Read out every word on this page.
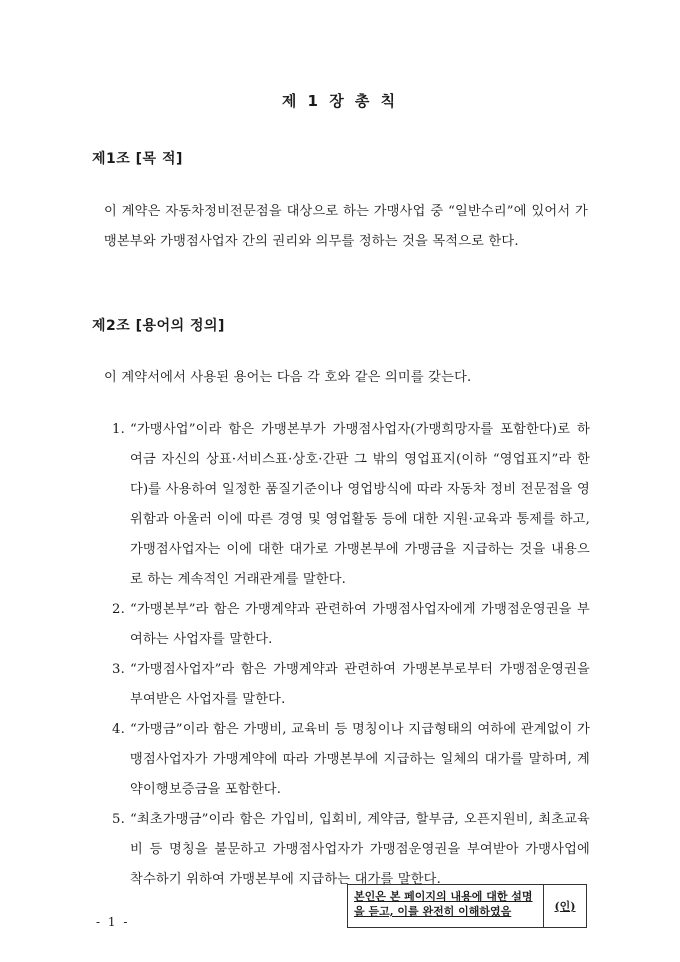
제 1 장 총 칙
제1조 [목 적]
이 계약은 자동차정비전문점을 대상으로 하는 가맹사업 중 “일반수리”에 있어서 가맹본부와 가맹점사업자 간의 권리와 의무를 정하는 것을 목적으로 한다.
제2조 [용어의 정의]
이 계약서에서 사용된 용어는 다음 각 호와 같은 의미를 갖는다.
1. “가맹사업”이라 함은 가맹본부가 가맹점사업자(가맹희망자를 포함한다)로 하여금 자신의 상표·서비스표·상호·간판 그 밖의 영업표지(이하 “영업표지”라 한다)를 사용하여 일정한 품질기준이나 영업방식에 따라 자동차 정비 전문점을 영위함과 아울러 이에 따른 경영 및 영업활동 등에 대한 지원·교육과 통제를 하고, 가맹점사업자는 이에 대한 대가로 가맹본부에 가맹금을 지급하는 것을 내용으로 하는 계속적인 거래관계를 말한다.
2. “가맹본부”라 함은 가맹계약과 관련하여 가맹점사업자에게 가맹점운영권을 부여하는 사업자를 말한다.
3. “가맹점사업자”라 함은 가맹계약과 관련하여 가맹본부로부터 가맹점운영권을 부여받은 사업자를 말한다.
4. “가맹금”이라 함은 가맹비, 교육비 등 명칭이나 지급형태의 여하에 관계없이 가맹점사업자가 가맹계약에 따라 가맹본부에 지급하는 일체의 대가를 말하며, 계약이행보증금을 포함한다.
5. “최초가맹금”이라 함은 가입비, 입회비, 계약금, 할부금, 오픈지원비, 최초교육비 등 명칭을 불문하고 가맹점사업자가 가맹점운영권을 부여받아 가맹사업에 착수하기 위하여 가맹본부에 지급하는 대가를 말한다.
본인은 본 페이지의 내용에 대한 설명을 듣고, 이를 완전히 이해하였음	(인)
- 1 -
